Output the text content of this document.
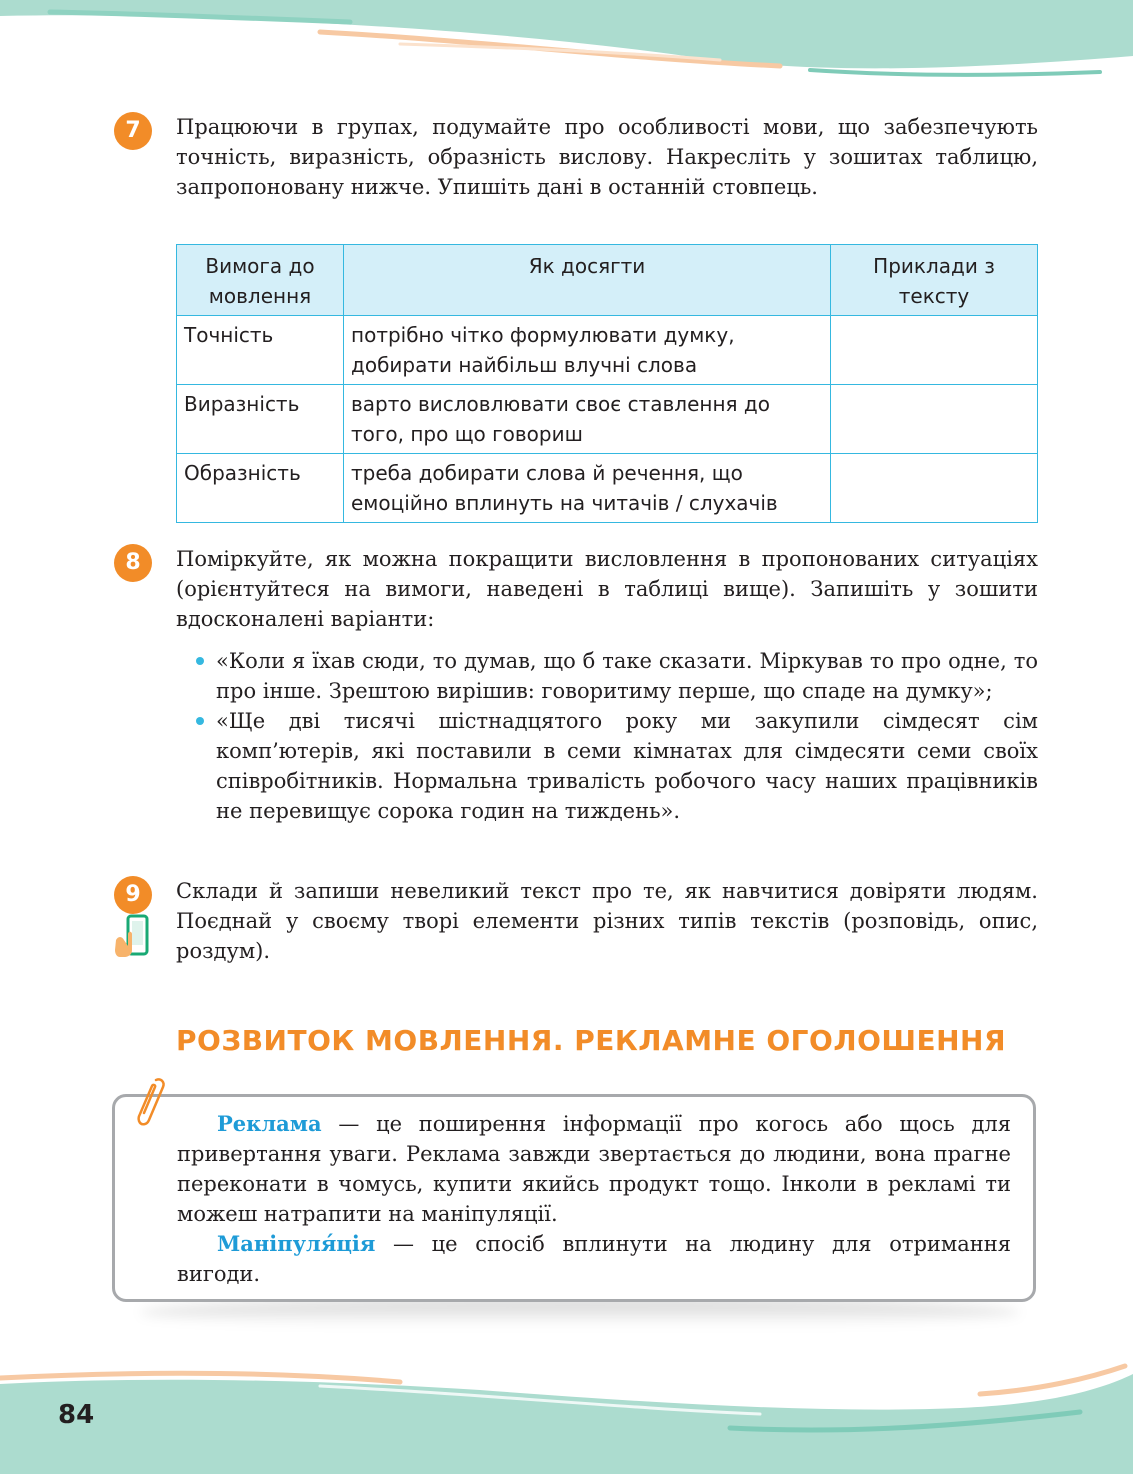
7	Працюючи в групах, подумайте про особливості мови, що забезпечують точність, виразність, образність вислову. Накресліть у зошитах таблицю, запропоновану нижче. Упишіть дані в останній стовпець.
Вимога до мовлення	Як досягти	Приклади з тексту
Точність	потрібно чітко формулювати думку, добирати найбільш влучні слова	
Виразність	варто висловлювати своє ставлення до того, про що говориш	
Образність	треба добирати слова й речення, що емоційно вплинуть на читачів / слухачів	
8	Поміркуйте, як можна покращити висловлення в пропонованих ситуаціях (орієнтуйтеся на вимоги, наведені в таблиці вище). Запишіть у зошити вдосконалені варіанти:
«Коли я їхав сюди, то думав, що б таке сказати. Міркував то про одне, то про інше. Зрештою вирішив: говоритиму перше, що спаде на думку»;
«Ще дві тисячі шістнадцятого року ми закупили сімдесят сім комп’ютерів, які поставили в семи кімнатах для сімдесяти семи своїх співробітників. Нормальна тривалість робочого часу наших працівників не перевищує сорока годин на тиждень».
9	Склади й запиши невеликий текст про те, як навчитися довіряти людям. Поєднай у своєму творі елементи різних типів текстів (розповідь, опис, роздум).
РОЗВИТОК МОВЛЕННЯ. РЕКЛАМНЕ ОГОЛОШЕННЯ

Реклама — це поширення інформації про когось або щось для привертання уваги. Реклама завжди звертається до людини, вона прагне переконати в чомусь, купити якийсь продукт тощо. Інколи в рекламі ти можеш натрапити на маніпуляції.

Маніпуля́ція — це спосіб вплинути на людину для отримання вигоди.

84
